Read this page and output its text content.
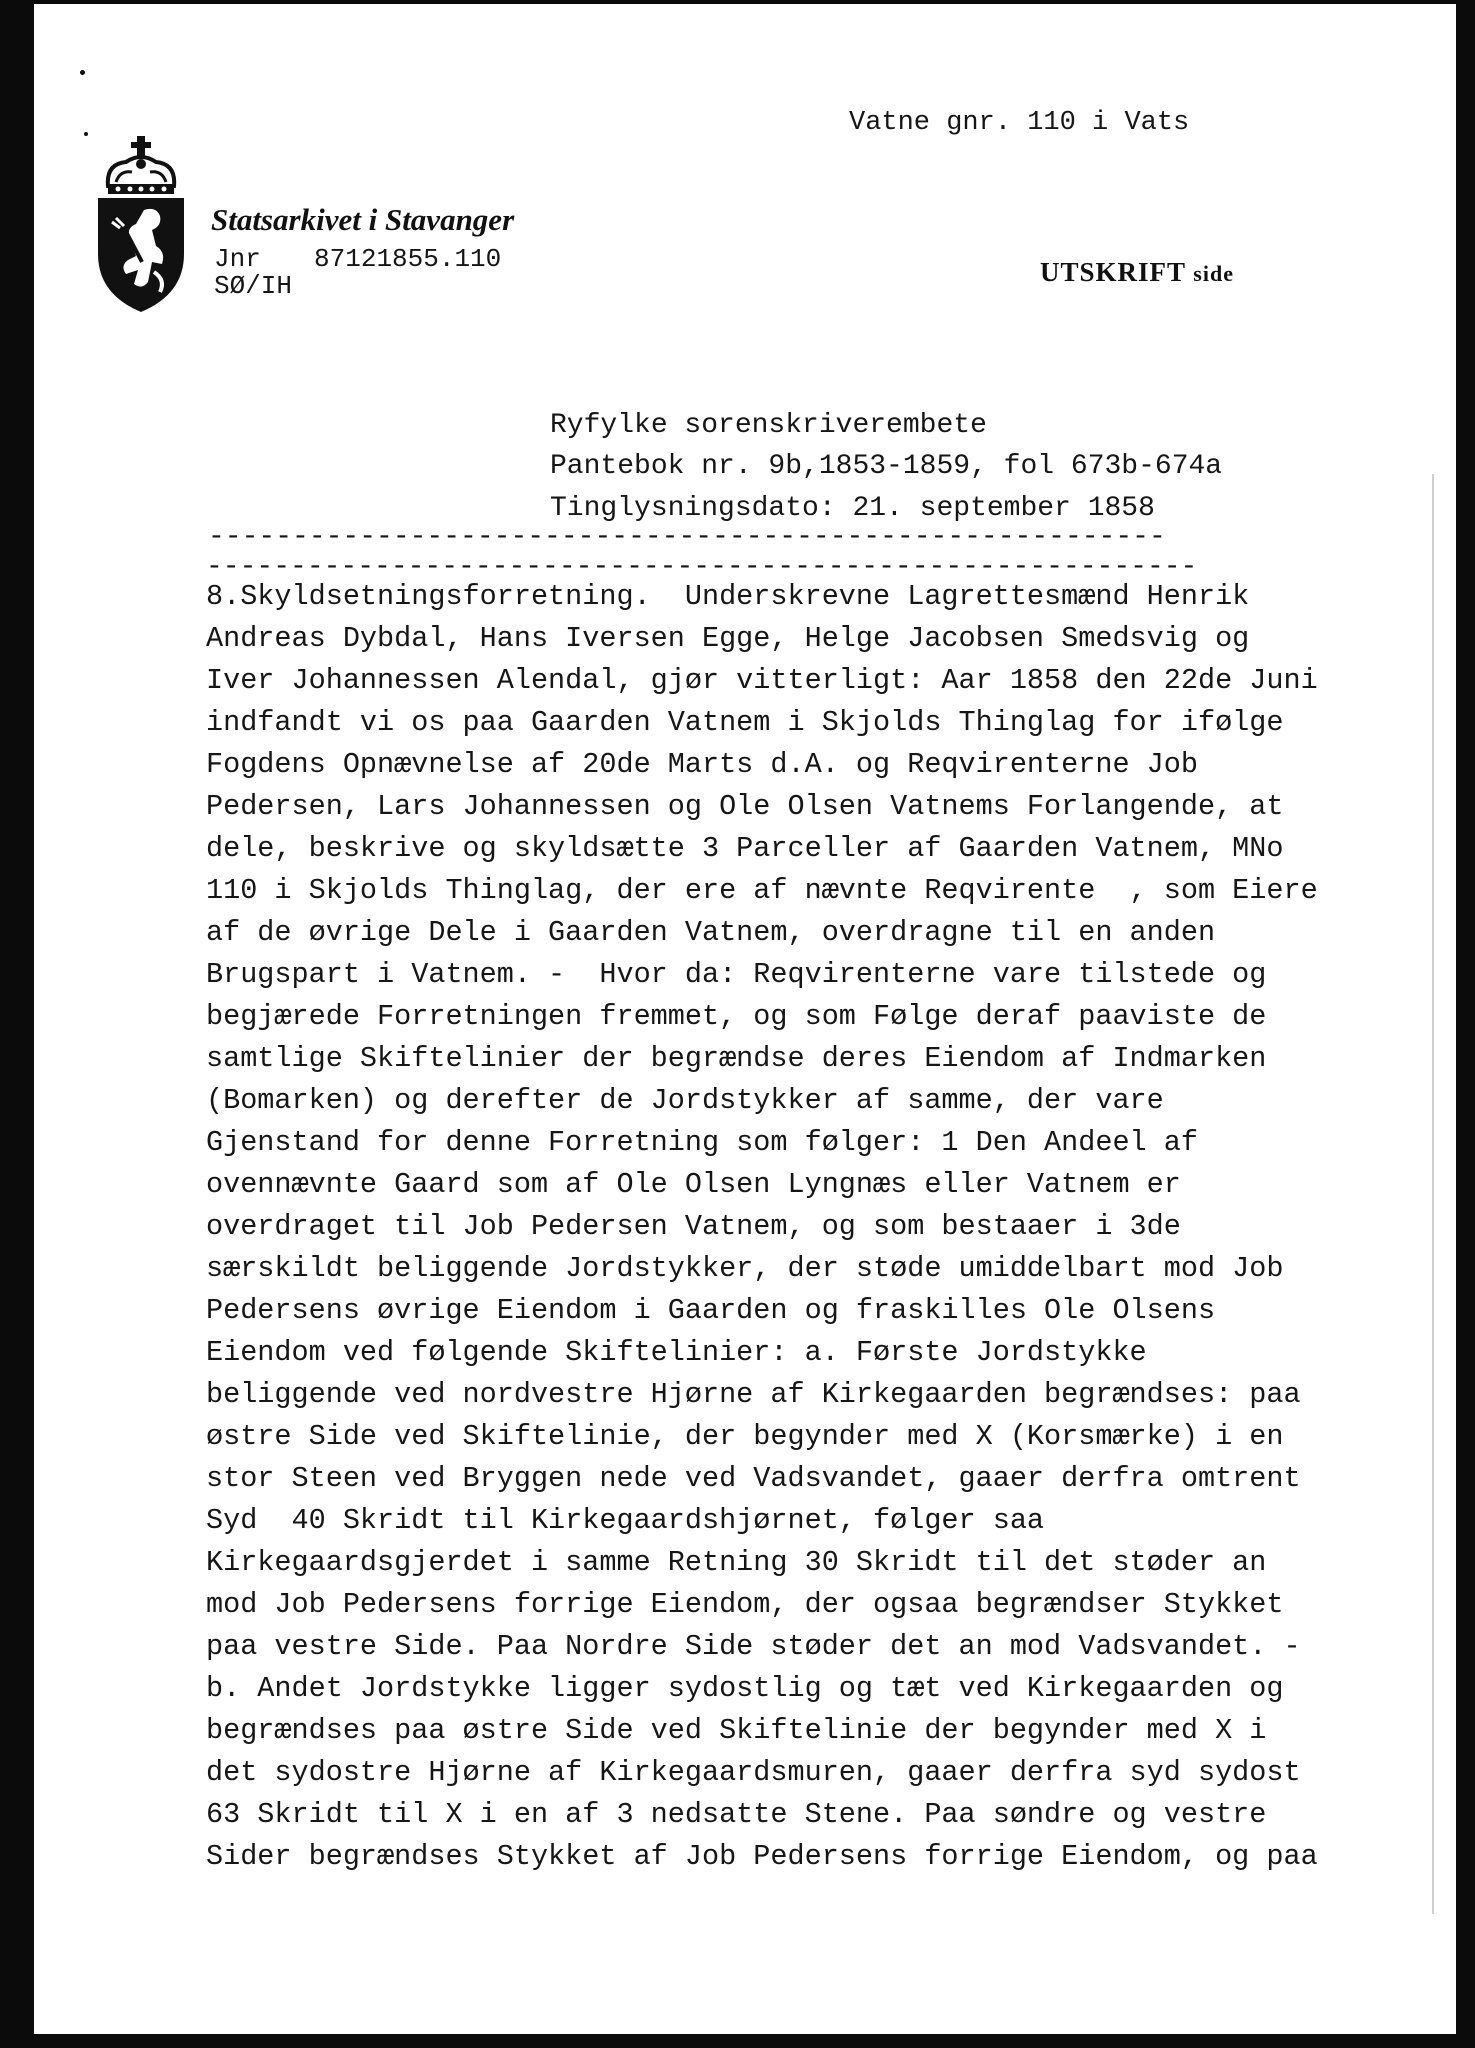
Vatne gnr. 110 i Vats
Statsarkivet i Stavanger
Jnr 87121855.110
SØ/IH	UTSKRIFT side
Ryfylke sorenskriverembete
Pantebok nr. 9b,1853-1859, fol 673b-674a
Tinglysningsdato: 21. september 1858
---------------------------------------------------------
-----------------------------------------------------------
8.Skyldsetningsforretning.  Underskrevne Lagrettesmænd Henrik
Andreas Dybdal, Hans Iversen Egge, Helge Jacobsen Smedsvig og
Iver Johannessen Alendal, gjør vitterligt: Aar 1858 den 22de Juni
indfandt vi os paa Gaarden Vatnem i Skjolds Thinglag for ifølge
Fogdens Opnævnelse af 20de Marts d.A. og Reqvirenterne Job
Pedersen, Lars Johannessen og Ole Olsen Vatnems Forlangende, at
dele, beskrive og skyldsætte 3 Parceller af Gaarden Vatnem, MNo
110 i Skjolds Thinglag, der ere af nævnte Reqvirente  , som Eiere
af de øvrige Dele i Gaarden Vatnem, overdragne til en anden
Brugspart i Vatnem. -  Hvor da: Reqvirenterne vare tilstede og
begjærede Forretningen fremmet, og som Følge deraf paaviste de
samtlige Skiftelinier der begrændse deres Eiendom af Indmarken
(Bomarken) og derefter de Jordstykker af samme, der vare
Gjenstand for denne Forretning som følger: 1 Den Andeel af
ovennævnte Gaard som af Ole Olsen Lyngnæs eller Vatnem er
overdraget til Job Pedersen Vatnem, og som bestaaer i 3de
særskildt beliggende Jordstykker, der støde umiddelbart mod Job
Pedersens øvrige Eiendom i Gaarden og fraskilles Ole Olsens
Eiendom ved følgende Skiftelinier: a. Første Jordstykke
beliggende ved nordvestre Hjørne af Kirkegaarden begrændses: paa
østre Side ved Skiftelinie, der begynder med X (Korsmærke) i en
stor Steen ved Bryggen nede ved Vadsvandet, gaaer derfra omtrent
Syd  40 Skridt til Kirkegaardshjørnet, følger saa
Kirkegaardsgjerdet i samme Retning 30 Skridt til det støder an
mod Job Pedersens forrige Eiendom, der ogsaa begrændser Stykket
paa vestre Side. Paa Nordre Side støder det an mod Vadsvandet. -
b. Andet Jordstykke ligger sydostlig og tæt ved Kirkegaarden og
begrændses paa østre Side ved Skiftelinie der begynder med X i
det sydostre Hjørne af Kirkegaardsmuren, gaaer derfra syd sydost
63 Skridt til X i en af 3 nedsatte Stene. Paa søndre og vestre
Sider begrændses Stykket af Job Pedersens forrige Eiendom, og paa
